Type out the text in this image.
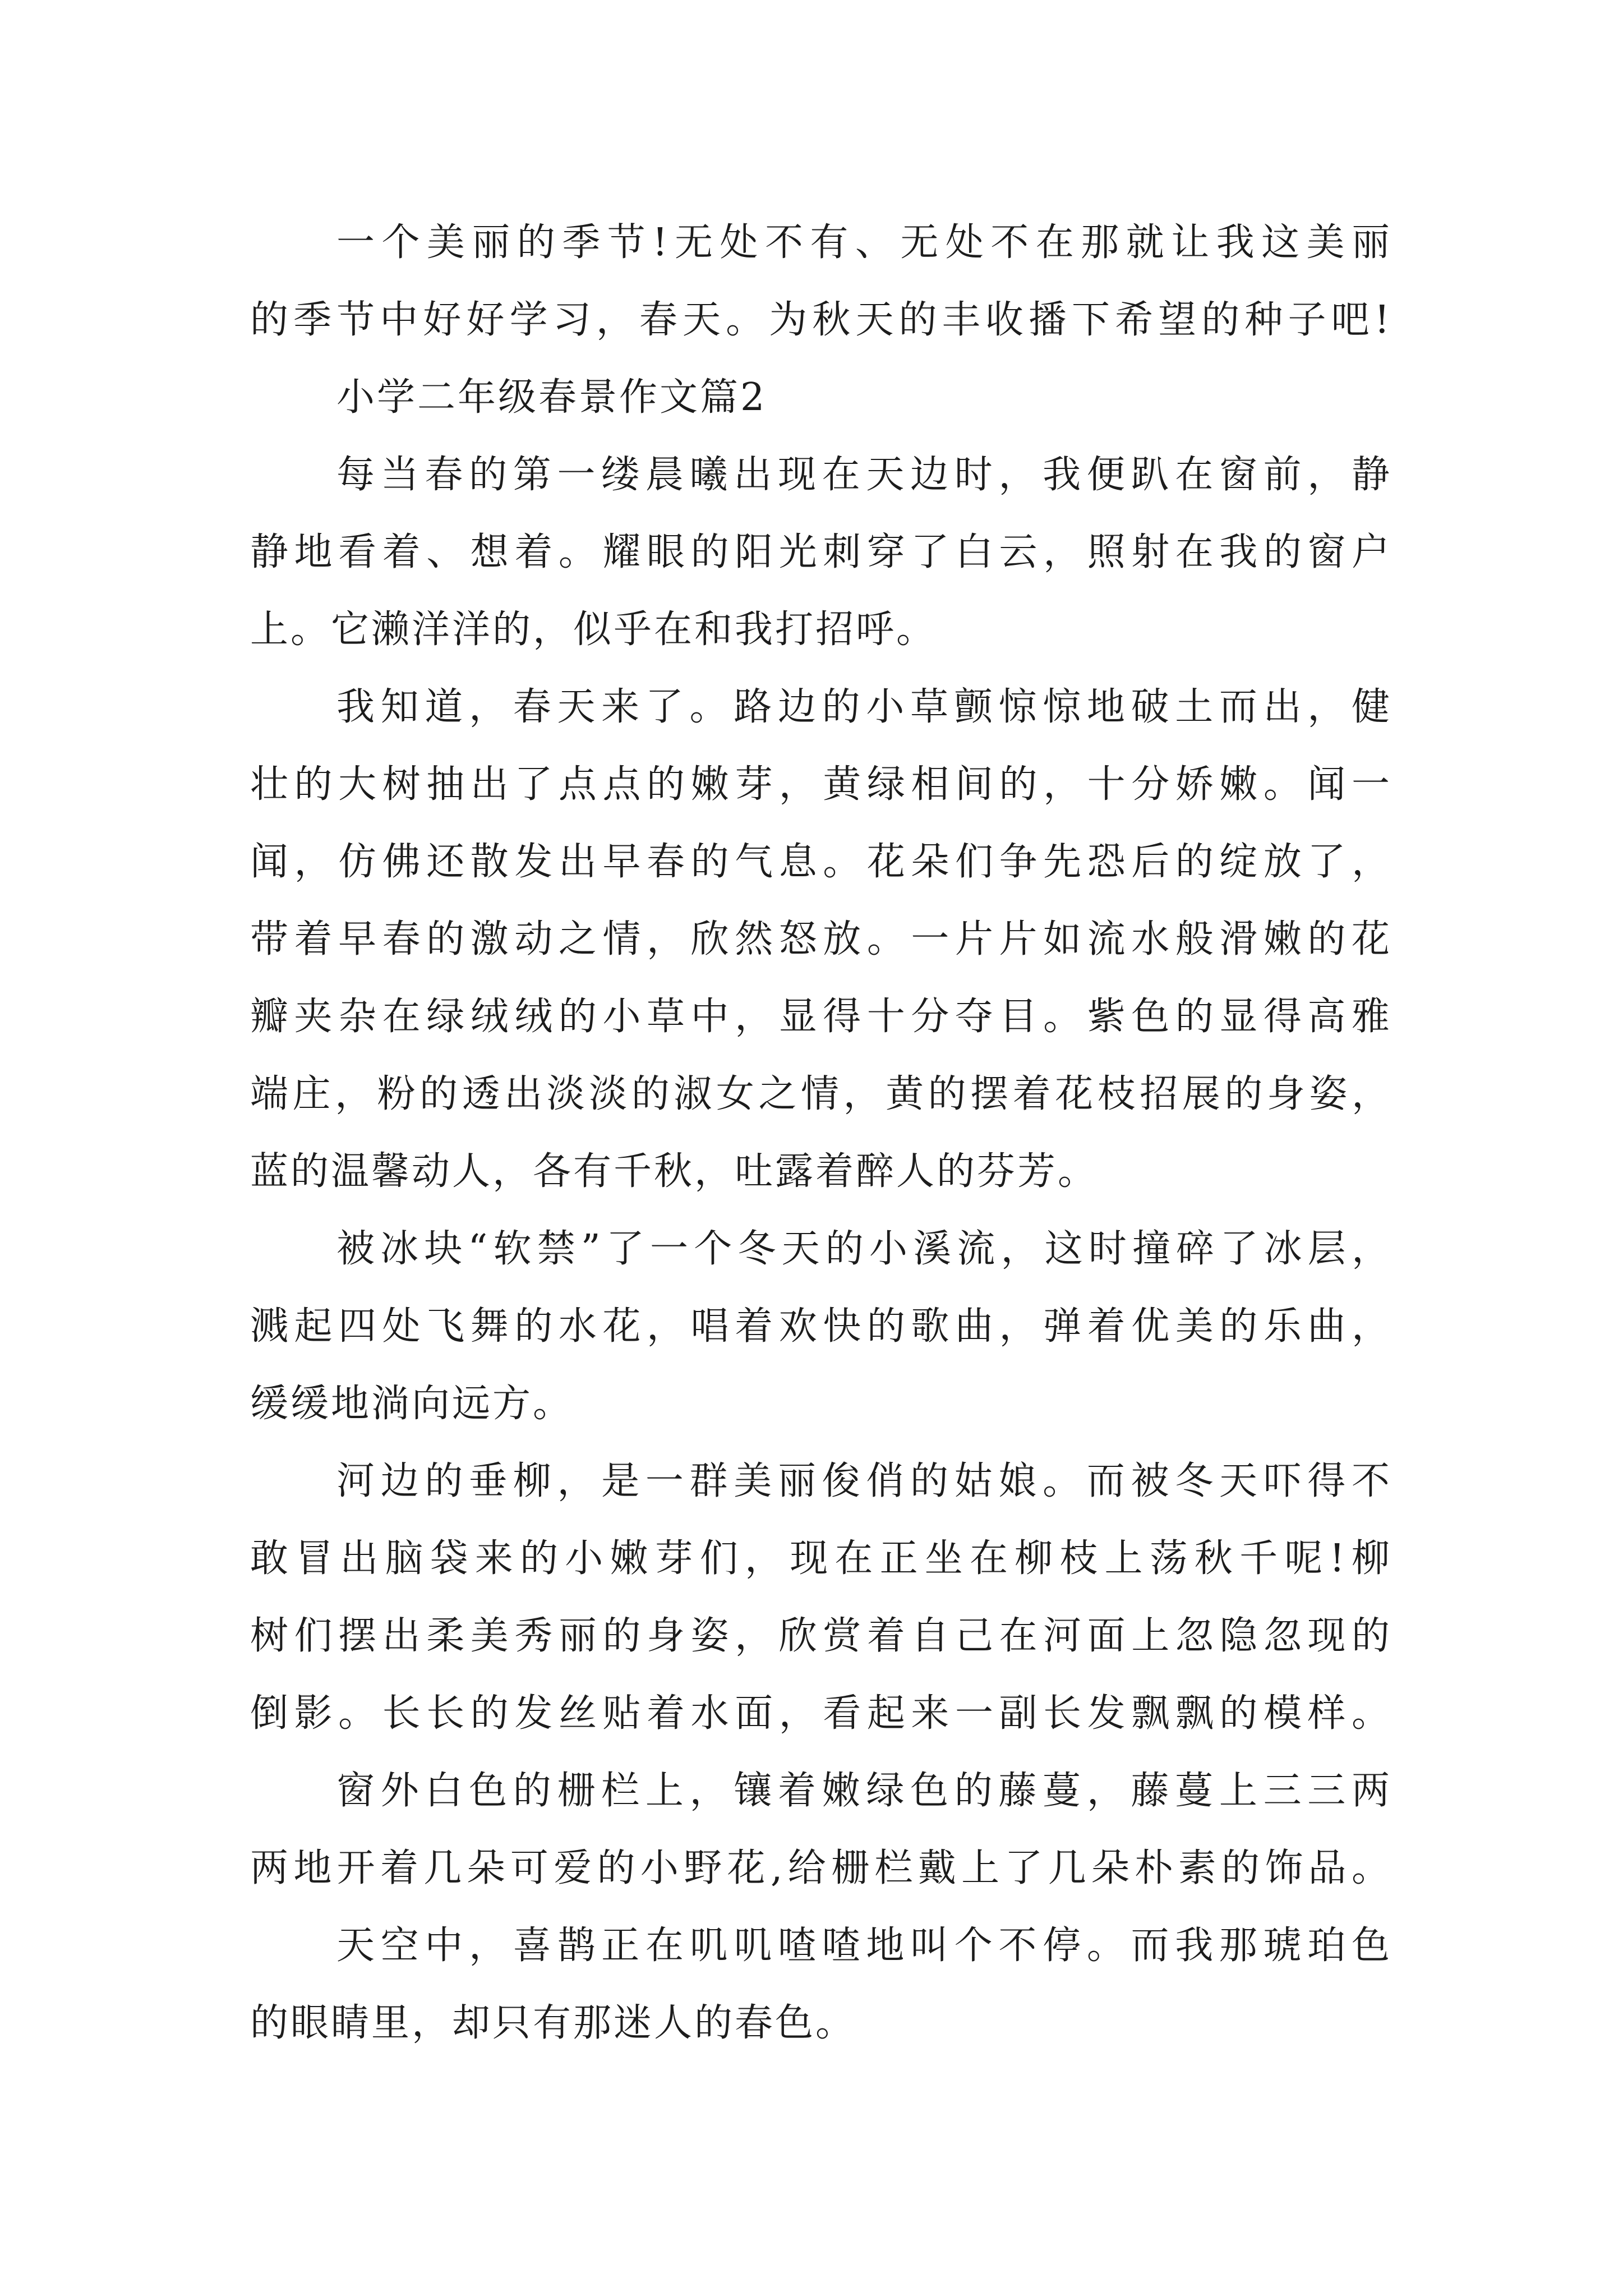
一个美丽的季节!无处不有、无处不在那就让我这美丽
的季节中好好学习，春天。为秋天的丰收播下希望的种子吧!
小学二年级春景作文篇2
每当春的第一缕晨曦出现在天边时，我便趴在窗前，静
静地看着、想着。耀眼的阳光刺穿了白云，照射在我的窗户
上。它濑洋洋的，似乎在和我打招呼。
我知道，春天来了。路边的小草颤惊惊地破土而出，健
壮的大树抽出了点点的嫩芽，黄绿相间的，十分娇嫩。闻一
闻，仿佛还散发出早春的气息。花朵们争先恐后的绽放了，
带着早春的激动之情，欣然怒放。一片片如流水般滑嫩的花
瓣夹杂在绿绒绒的小草中，显得十分夺目。紫色的显得高雅
端庄，粉的透出淡淡的淑女之情，黄的摆着花枝招展的身姿，
蓝的温馨动人，各有千秋，吐露着醉人的芬芳。
被冰块“软禁”了一个冬天的小溪流，这时撞碎了冰层，
溅起四处飞舞的水花，唱着欢快的歌曲，弹着优美的乐曲，
缓缓地淌向远方。
河边的垂柳，是一群美丽俊俏的姑娘。而被冬天吓得不
敢冒出脑袋来的小嫩芽们，现在正坐在柳枝上荡秋千呢!柳
树们摆出柔美秀丽的身姿，欣赏着自己在河面上忽隐忽现的
倒影。长长的发丝贴着水面，看起来一副长发飘飘的模样。
窗外白色的栅栏上，镶着嫩绿色的藤蔓，藤蔓上三三两
两地开着几朵可爱的小野花,给栅栏戴上了几朵朴素的饰品。
天空中，喜鹊正在叽叽喳喳地叫个不停。而我那琥珀色
的眼睛里，却只有那迷人的春色。
